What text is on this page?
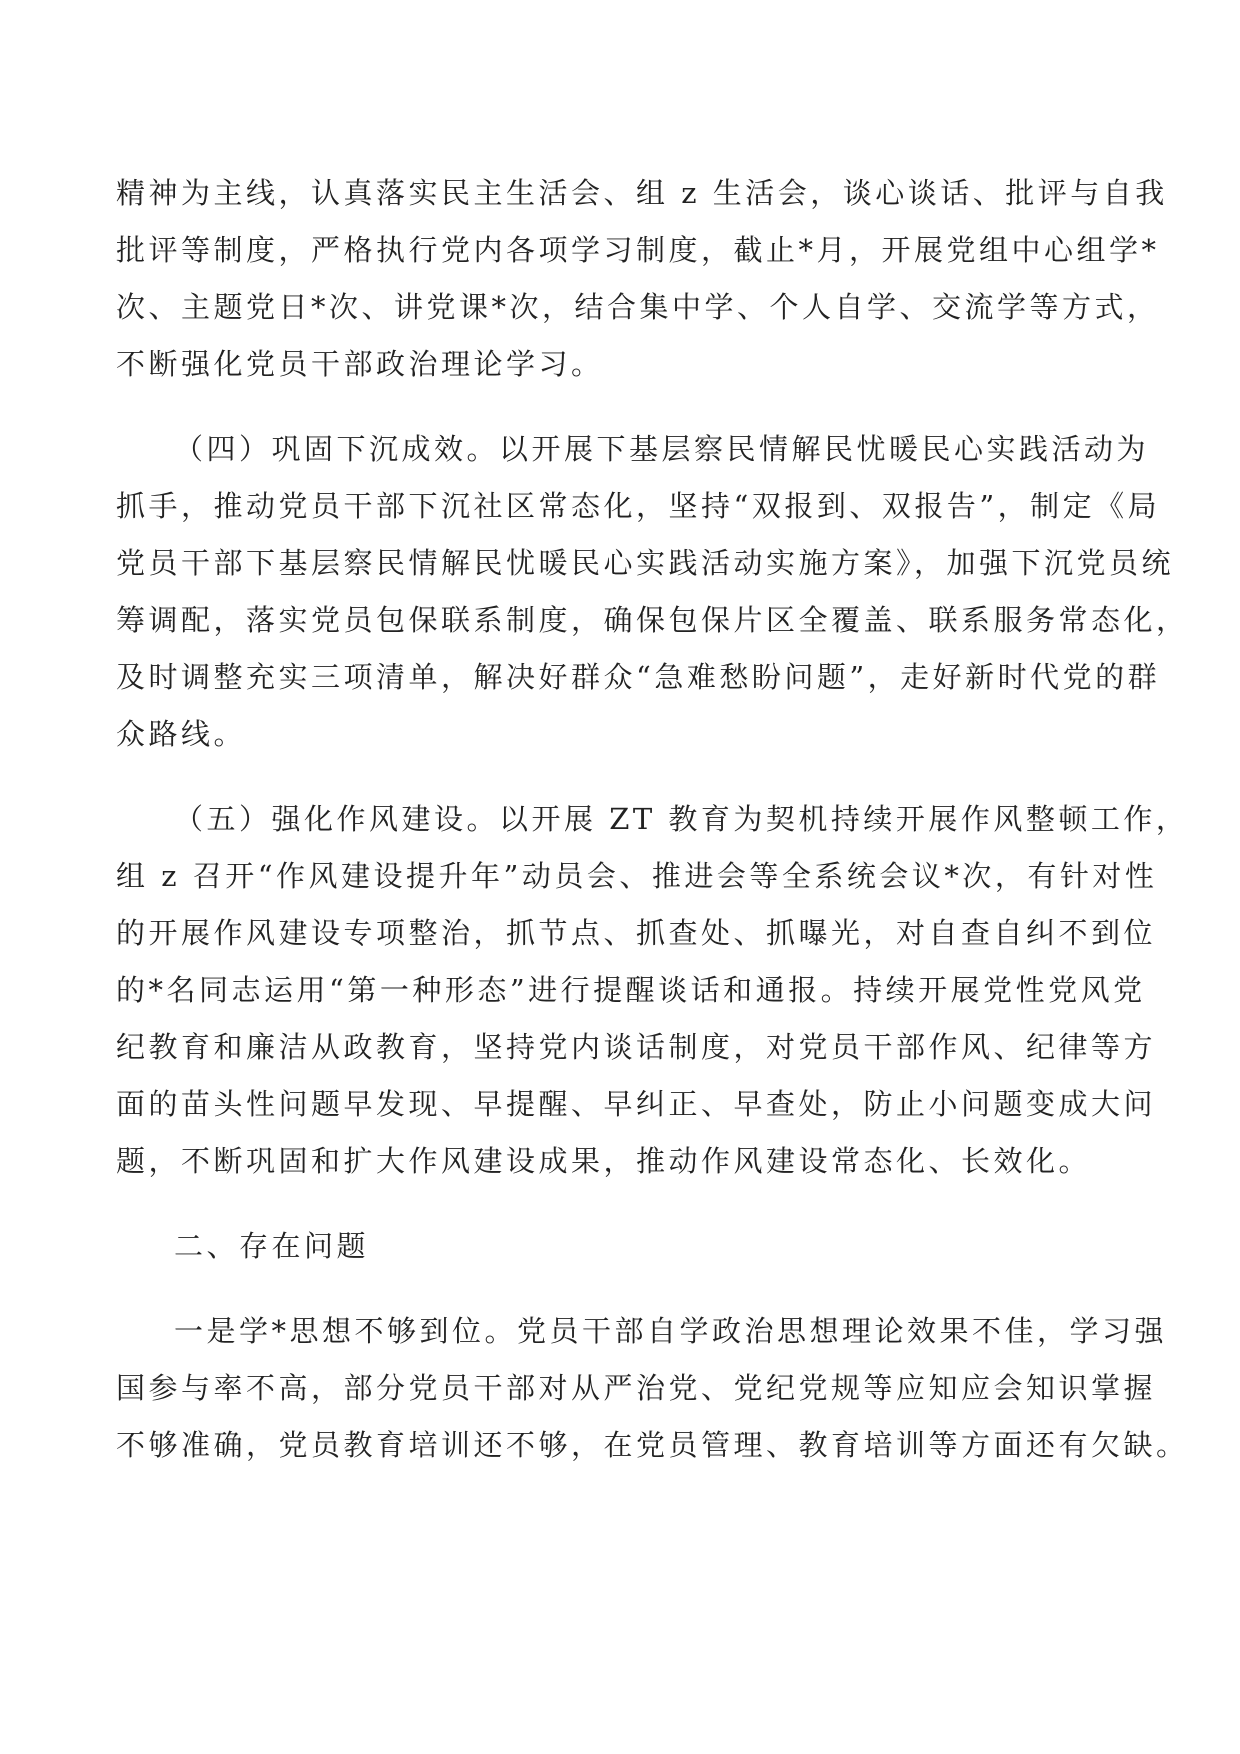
精神为主线，认真落实民主生活会、组 z 生活会，谈心谈话、批评与自我
批评等制度，严格执行党内各项学习制度，截止*月，开展党组中心组学*
次、主题党日*次、讲党课*次，结合集中学、个人自学、交流学等方式，
不断强化党员干部政治理论学习。
（四）巩固下沉成效。以开展下基层察民情解民忧暖民心实践活动为
抓手，推动党员干部下沉社区常态化，坚持“双报到、双报告”，制定《局
党员干部下基层察民情解民忧暖民心实践活动实施方案》，加强下沉党员统
筹调配，落实党员包保联系制度，确保包保片区全覆盖、联系服务常态化，
及时调整充实三项清单，解决好群众“急难愁盼问题”，走好新时代党的群
众路线。
（五）强化作风建设。以开展 ZT 教育为契机持续开展作风整顿工作，
组 z 召开“作风建设提升年”动员会、推进会等全系统会议*次，有针对性
的开展作风建设专项整治，抓节点、抓查处、抓曝光，对自查自纠不到位
的*名同志运用“第一种形态”进行提醒谈话和通报。持续开展党性党风党
纪教育和廉洁从政教育，坚持党内谈话制度，对党员干部作风、纪律等方
面的苗头性问题早发现、早提醒、早纠正、早查处，防止小问题变成大问
题，不断巩固和扩大作风建设成果，推动作风建设常态化、长效化。
二、存在问题
一是学*思想不够到位。党员干部自学政治思想理论效果不佳，学习强
国参与率不高，部分党员干部对从严治党、党纪党规等应知应会知识掌握
不够准确，党员教育培训还不够，在党员管理、教育培训等方面还有欠缺。
